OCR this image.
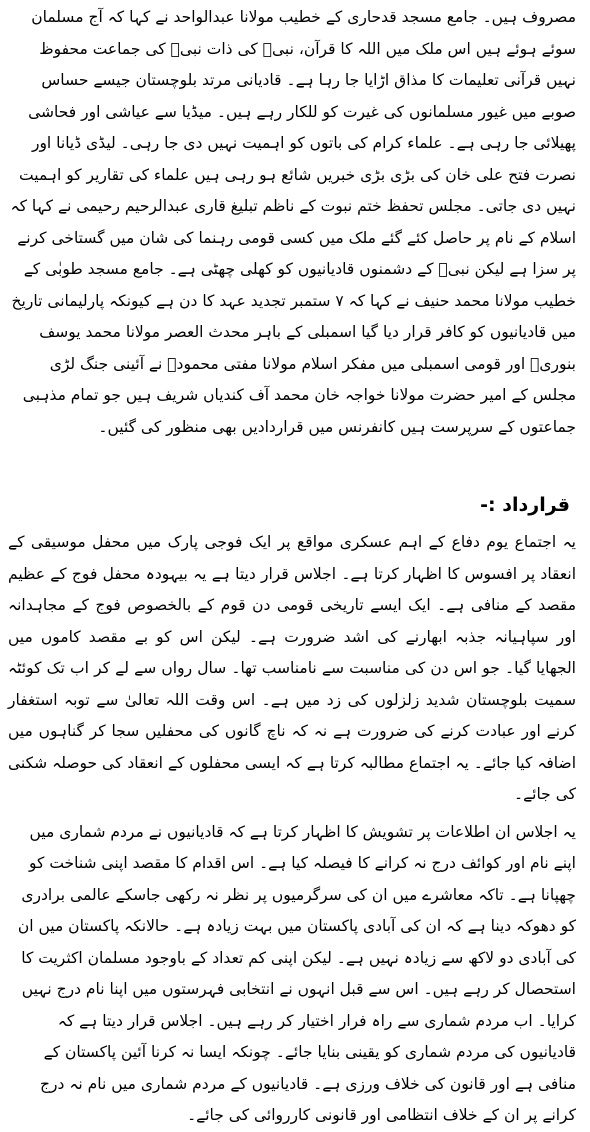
مصروف ہیں۔ جامع مسجد قدحاری کے خطیب مولانا عبدالواحد نے کہا کہ آج مسلمان سوئے ہوئے ہیں اس ملک میں اللہ کا قرآن، نبیؐ کی ذات نبیؐ کی جماعت محفوظ نہیں قرآنی تعلیمات کا مذاق اڑایا جا رہا ہے۔ قادیانی مرتد بلوچستان جیسے حساس صوبے میں غیور مسلمانوں کی غیرت کو للکار رہے ہیں۔ میڈیا سے عیاشی اور فحاشی پھیلائی جا رہی ہے۔ علماء کرام کی باتوں کو اہمیت نہیں دی جا رہی۔ لیڈی ڈیانا اور نصرت فتح علی خان کی بڑی بڑی خبریں شائع ہو رہی ہیں علماء کی تقاریر کو اہمیت نہیں دی جاتی۔ مجلس تحفظ ختم نبوت کے ناظم تبلیغ قاری عبدالرحیم رحیمی نے کہا کہ اسلام کے نام پر حاصل کئے گئے ملک میں کسی قومی رہنما کی شان میں گستاخی کرنے پر سزا ہے لیکن نبیؐ کے دشمنوں قادیانیوں کو کھلی چھٹی ہے۔ جامع مسجد طوبٰی کے خطیب مولانا محمد حنیف نے کہا کہ ۷ ستمبر تجدید عہد کا دن ہے کیونکہ پارلیمانی تاریخ میں قادیانیوں کو کافر قرار دیا گیا اسمبلی کے باہر محدث العصر مولانا محمد یوسف بنوریؒ اور قومی اسمبلی میں مفکر اسلام مولانا مفتی محمودؒ نے آئینی جنگ لڑی مجلس کے امیر حضرت مولانا خواجہ خان محمد آف کندیاں شریف ہیں جو تمام مذہبی جماعتوں کے سرپرست ہیں کانفرنس میں قراردادیں بھی منظور کی گئیں۔

قرارداد :-

یہ اجتماع یوم دفاع کے اہم عسکری مواقع پر ایک فوجی پارک میں محفل موسیقی کے انعقاد پر افسوس کا اظہار کرتا ہے۔ اجلاس قرار دیتا ہے یہ بیہودہ محفل فوج کے عظیم مقصد کے منافی ہے۔ ایک ایسے تاریخی قومی دن قوم کے بالخصوص فوج کے مجاہدانہ اور سپاہیانہ جذبہ ابھارنے کی اشد ضرورت ہے۔ لیکن اس کو بے مقصد کاموں میں الجھایا گیا۔ جو اس دن کی مناسبت سے نامناسب تھا۔ سال رواں سے لے کر اب تک کوئٹہ سمیت بلوچستان شدید زلزلوں کی زد میں ہے۔ اس وقت اللہ تعالیٰ سے توبہ استغفار کرنے اور عبادت کرنے کی ضرورت ہے نہ کہ ناچ گانوں کی محفلیں سجا کر گناہوں میں اضافہ کیا جائے۔ یہ اجتماع مطالبہ کرتا ہے کہ ایسی محفلوں کے انعقاد کی حوصلہ شکنی کی جائے۔

یہ اجلاس ان اطلاعات پر تشویش کا اظہار کرتا ہے کہ قادیانیوں نے مردم شماری میں اپنے نام اور کوائف درج نہ کرانے کا فیصلہ کیا ہے۔ اس اقدام کا مقصد اپنی شناخت کو چھپانا ہے۔ تاکہ معاشرے میں ان کی سرگرمیوں پر نظر نہ رکھی جاسکے عالمی برادری کو دھوکہ دینا ہے کہ ان کی آبادی پاکستان میں بہت زیادہ ہے۔ حالانکہ پاکستان میں ان کی آبادی دو لاکھ سے زیادہ نہیں ہے۔ لیکن اپنی کم تعداد کے باوجود مسلمان اکثریت کا استحصال کر رہے ہیں۔ اس سے قبل انہوں نے انتخابی فہرستوں میں اپنا نام درج نہیں کرایا۔ اب مردم شماری سے راہ فرار اختیار کر رہے ہیں۔ اجلاس قرار دیتا ہے کہ قادیانیوں کی مردم شماری کو یقینی بنایا جائے۔ چونکہ ایسا نہ کرنا آئین پاکستان کے منافی ہے اور قانون کی خلاف ورزی ہے۔ قادیانیوں کے مردم شماری میں نام نہ درج کرانے پر ان کے خلاف انتظامی اور قانونی کارروائی کی جائے۔
